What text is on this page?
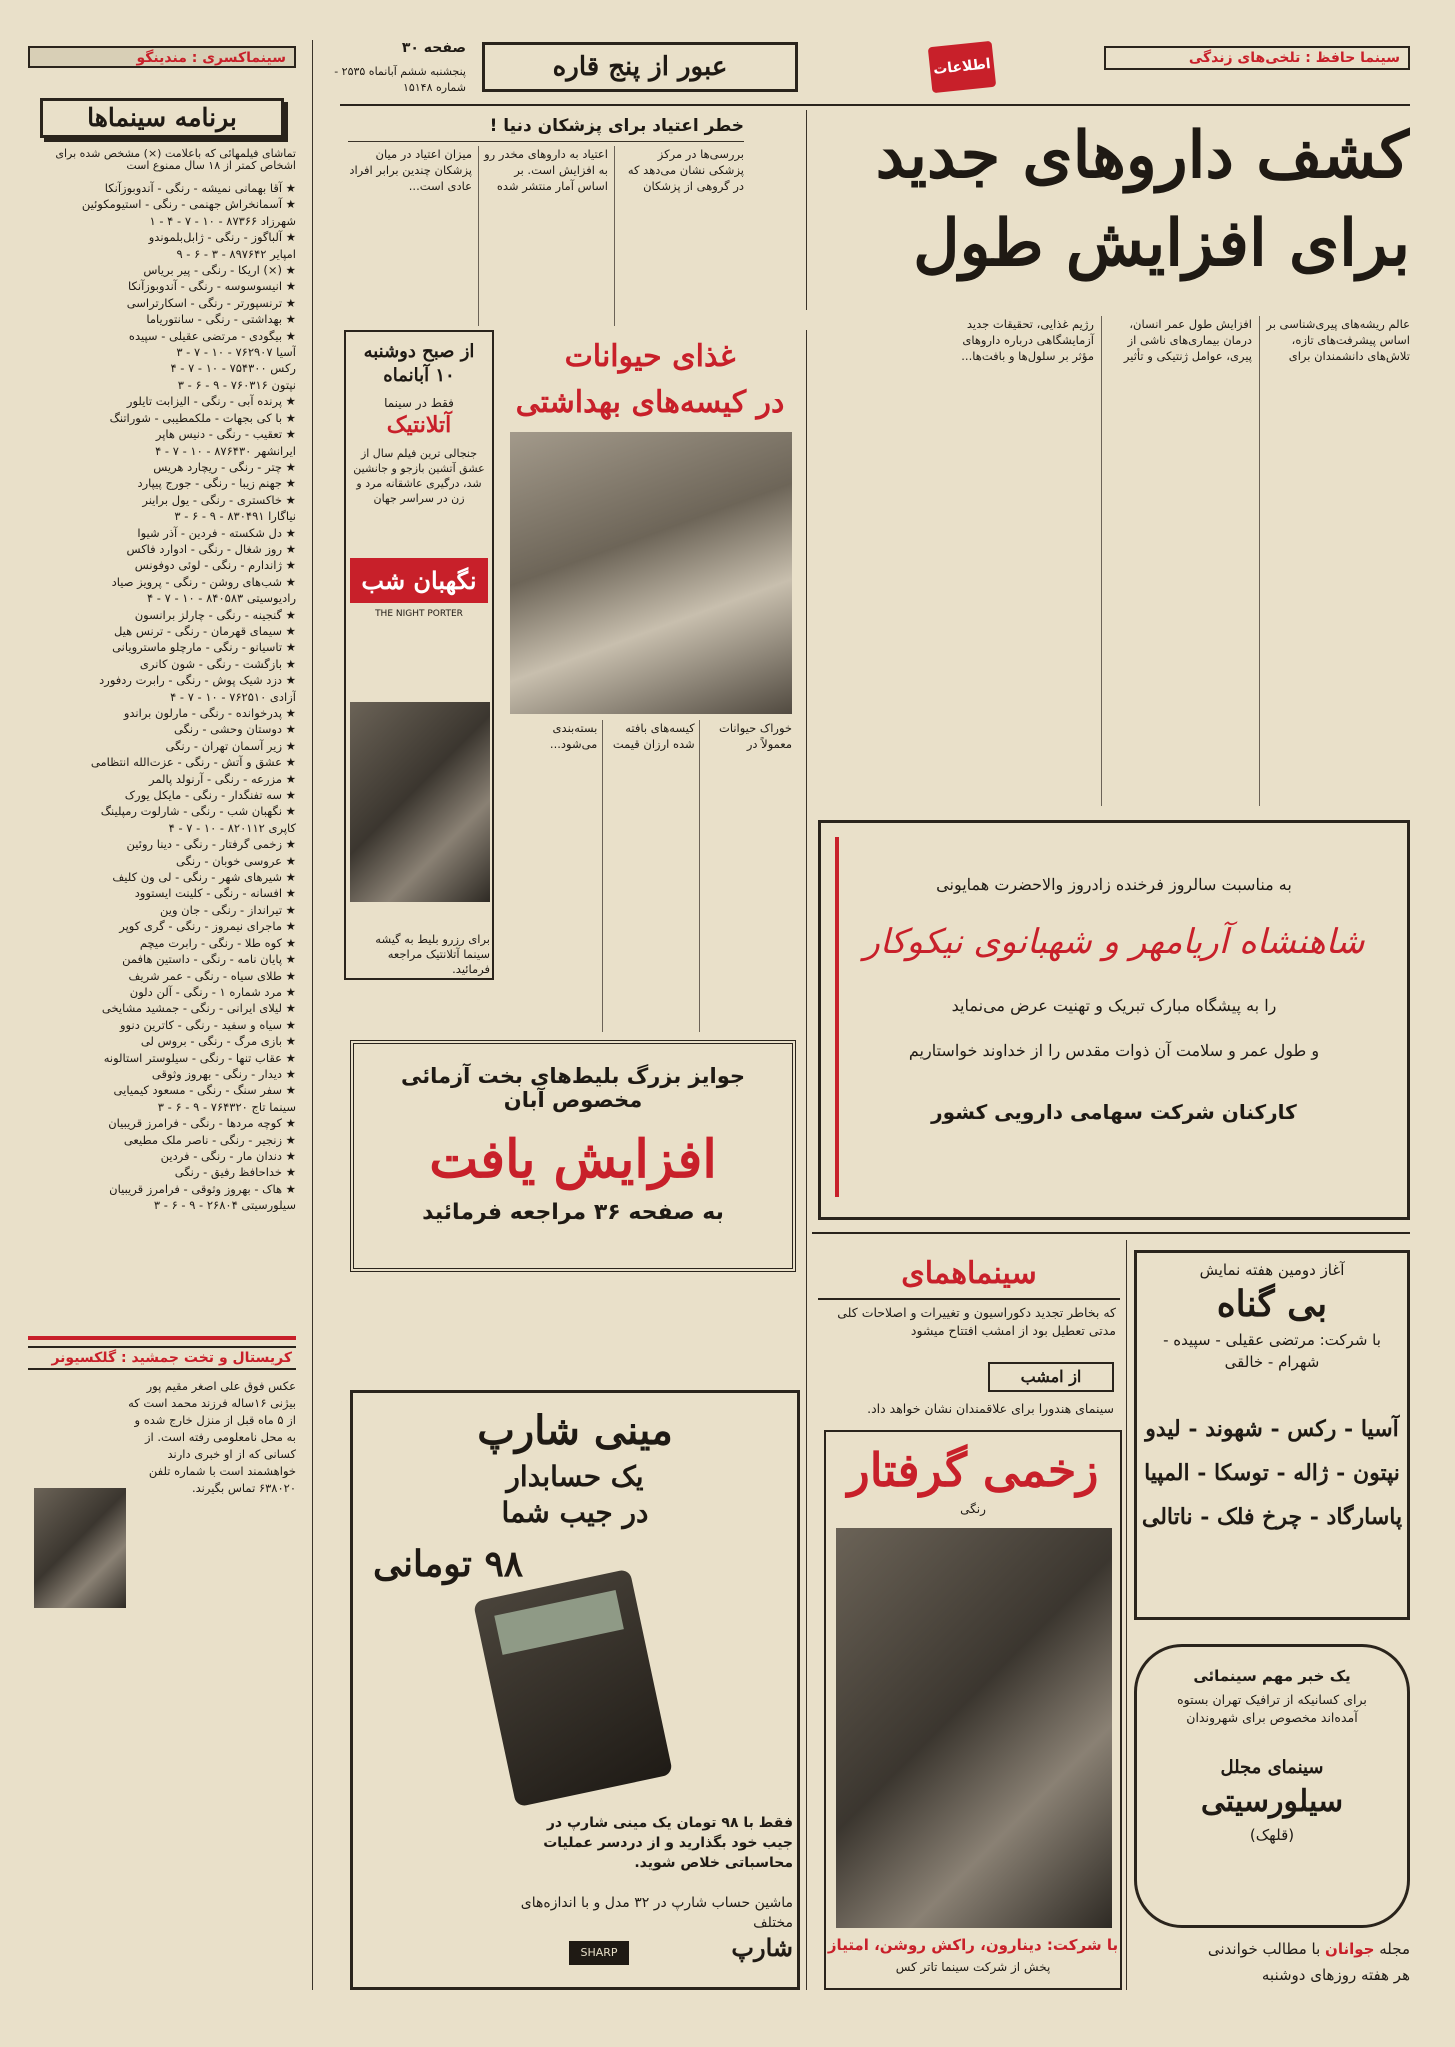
سینماکسری : مندینگو
برنامه سینماها
تماشای فیلمهائی که باعلامت (×) مشخص شده برای اشخاص کمتر از ۱۸ سال ممنوع است
★ آقا بهمانی نمیشه - رنگی - آندوبوزآنکا
★ آسمانخراش جهنمی - رنگی - استیومکوئین
شهرزاد ۸۷۳۶۶ - ۱۰ - ۷ - ۴ - ۱
★ آلباگوز - رنگی - ژابل‌بلموندو
امپایر ۸۹۷۶۴۲ - ۳ - ۶ - ۹
★ (×) اریکا - رنگی - پیر بریاس
★ انیسوسوسه - رنگی - آندوبوزآنکا
★ ترنسپورتر - رنگی - اسکارتراسی
★ بهداشتی - رنگی - سانتوریاما
★ بیگودی - مرتضی عقیلی - سپیده
آسیا ۷۶۲۹۰۷ - ۱۰ - ۷ - ۳
رکس ۷۵۴۳۰۰ - ۱۰ - ۷ - ۴
نپتون ۷۶۰۳۱۶ - ۹ - ۶ - ۳
★ پرنده آبی - رنگی - الیزابت تایلور
★ با کی بجهات - ملکمطیبی - شوراتنگ
★ تعقیب - رنگی - دنیس هاپر
ایرانشهر ۸۷۶۴۳۰ - ۱۰ - ۷ - ۴
★ چتر - رنگی - ریچارد هریس
★ جهنم زیبا - رنگی - جورج پیپارد
★ خاکستری - رنگی - یول براینر
نیاگارا ۸۳۰۴۹۱ - ۹ - ۶ - ۳
★ دل شکسته - فردین - آذر شیوا
★ روز شغال - رنگی - ادوارد فاکس
★ ژاندارم - رنگی - لوئی دوفونس
★ شب‌های روشن - رنگی - پرویز صیاد
رادیوسیتی ۸۴۰۵۸۳ - ۱۰ - ۷ - ۴
★ گنجینه - رنگی - چارلز برانسون
★ سیمای قهرمان - رنگی - ترنس هیل
★ تاسیانو - رنگی - مارچلو ماسترویانی
★ بازگشت - رنگی - شون کانری
★ دزد شیک پوش - رنگی - رابرت ردفورد
آزادی ۷۶۲۵۱۰ - ۱۰ - ۷ - ۴
★ پدرخوانده - رنگی - مارلون براندو
★ دوستان وحشی - رنگی
★ زیر آسمان تهران - رنگی
★ عشق و آتش - رنگی - عزت‌الله انتظامی
★ مزرعه - رنگی - آرنولد پالمر
★ سه تفنگدار - رنگی - مایکل یورک
★ نگهبان شب - رنگی - شارلوت رمپلینگ
کاپری ۸۲۰۱۱۲ - ۱۰ - ۷ - ۴
★ زخمی گرفتار - رنگی - دینا روئین
★ عروسی خوبان - رنگی
★ شیرهای شهر - رنگی - لی ون کلیف
★ افسانه - رنگی - کلینت ایستوود
★ تیرانداز - رنگی - جان وین
★ ماجرای نیمروز - رنگی - گری کوپر
★ کوه طلا - رنگی - رابرت میچم
★ پایان نامه - رنگی - داستین هافمن
★ طلای سیاه - رنگی - عمر شریف
★ مرد شماره ۱ - رنگی - آلن دلون
★ لیلای ایرانی - رنگی - جمشید مشایخی
★ سیاه و سفید - رنگی - کاترین دنوو
★ بازی مرگ - رنگی - بروس لی
★ عقاب تنها - رنگی - سیلوستر استالونه
★ دیدار - رنگی - بهروز وثوقی
★ سفر سنگ - رنگی - مسعود کیمیایی
سینما تاج ۷۶۴۳۲۰ - ۹ - ۶ - ۳
★ کوچه مردها - رنگی - فرامرز قریبیان
★ زنجیر - رنگی - ناصر ملک مطیعی
★ دندان مار - رنگی - فردین
★ خداحافظ رفیق - رنگی
★ هاک - بهروز وثوقی - فرامرز قریبیان
سیلورسیتی ۲۶۸۰۴ - ۹ - ۶ - ۳
کریستال و تخت جمشید : گلکسیونر
عکس فوق علی اصغر مقیم پور بیژنی ۱۶ساله فرزند محمد است که از ۵ ماه قبل از منزل خارج شده و به محل نامعلومی رفته است. از کسانی که از او خبری دارند خواهشمند است با شماره تلفن ۶۳۸۰۲۰ تماس بگیرند.
صفحه ۳۰
پنجشنبه ششم آبانماه ۲۵۳۵ - شماره ۱۵۱۴۸
عبور از پنج قاره	اطلاعات	سینما حافظ : تلخی‌های زندگی
خطر اعتیاد برای پزشکان دنیا !
بررسی‌ها در مرکز پزشکی نشان می‌دهد که در گروهی از پزشکان اعتیاد به داروهای مخدر رو به افزایش است. بر اساس آمار منتشر شده میزان اعتیاد در میان پزشکان چندین برابر افراد عادی است...	کشف داروهای جدید
برای افزایش طول
عالم ریشه‌های پیری‌شناسی بر اساس پیشرفت‌های تازه، تلاش‌های دانشمندان برای افزایش طول عمر انسان، درمان بیماری‌های ناشی از پیری، عوامل ژنتیکی و تأثیر رژیم غذایی، تحقیقات جدید آزمایشگاهی درباره داروهای مؤثر بر سلول‌ها و بافت‌ها...
غذای حیوانات
در کیسه‌های بهداشتی
خوراک حیوانات معمولاً در کیسه‌های بافته شده ارزان قیمت بسته‌بندی می‌شود...
از صبح دوشنبه
۱۰ آبانماه
فقط در سینما
آتلانتیک
جنجالی ترین فیلم سال از عشق آتشین بازجو و جانشین شد، درگیری عاشقانه مرد و زن در سراسر جهان
نگهبان شب
THE NIGHT PORTER
برای رزرو بلیط به گیشه سینما آتلانتیک مراجعه فرمائید.
جوایز بزرگ بلیط‌های بخت آزمائی مخصوص آبان
افزایش یافت
به صفحه ۳۶ مراجعه فرمائید
به مناسبت سالروز فرخنده زادروز والاحضرت همایونی
شاهنشاه آریامهر و شهبانوی نیکوکار
را به پیشگاه مبارک تبریک و تهنیت عرض می‌نماید
و طول عمر و سلامت آن ذوات مقدس را از خداوند خواستاریم
کارکنان شرکت سهامی دارویی کشور
سینماهمای
که بخاطر تجدید دکوراسیون و تغییرات و اصلاحات کلی مدتی تعطیل بود از امشب افتتاح میشود
از امشب
سینمای هندورا برای علاقمندان نشان خواهد داد.
زخمی گرفتار
رنگی
با شرکت: دینارون، راکش روشن، امتیاز
پخش از شرکت سینما تاتر کس
آغاز دومین هفته نمایش
بی گناه
با شرکت: مرتضی عقیلی - سپیده - شهرام - خالقی
آسیا - رکس - شهوند - لیدو
نپتون - ژاله - توسکا - المپیا
پاسارگاد - چرخ فلک - ناتالی
یک خبر مهم سینمائی
برای کسانیکه از ترافیک تهران بستوه آمده‌اند مخصوص برای شهروندان
سینمای مجلل
سیلورسیتی
(قلهک)
مجله جوانان با مطالب خواندنی
هر هفته روزهای دوشنبه
مینی شارپ
یک حسابدار
در جیب شما
۹۸ تومانی
فقط با ۹۸ تومان یک مینی شارپ در جیب خود بگذارید و از دردسر عملیات محاسباتی خلاص شوید.
ماشین حساب شارپ در ۳۲ مدل و با اندازه‌های مختلف
SHARP	شارپ
